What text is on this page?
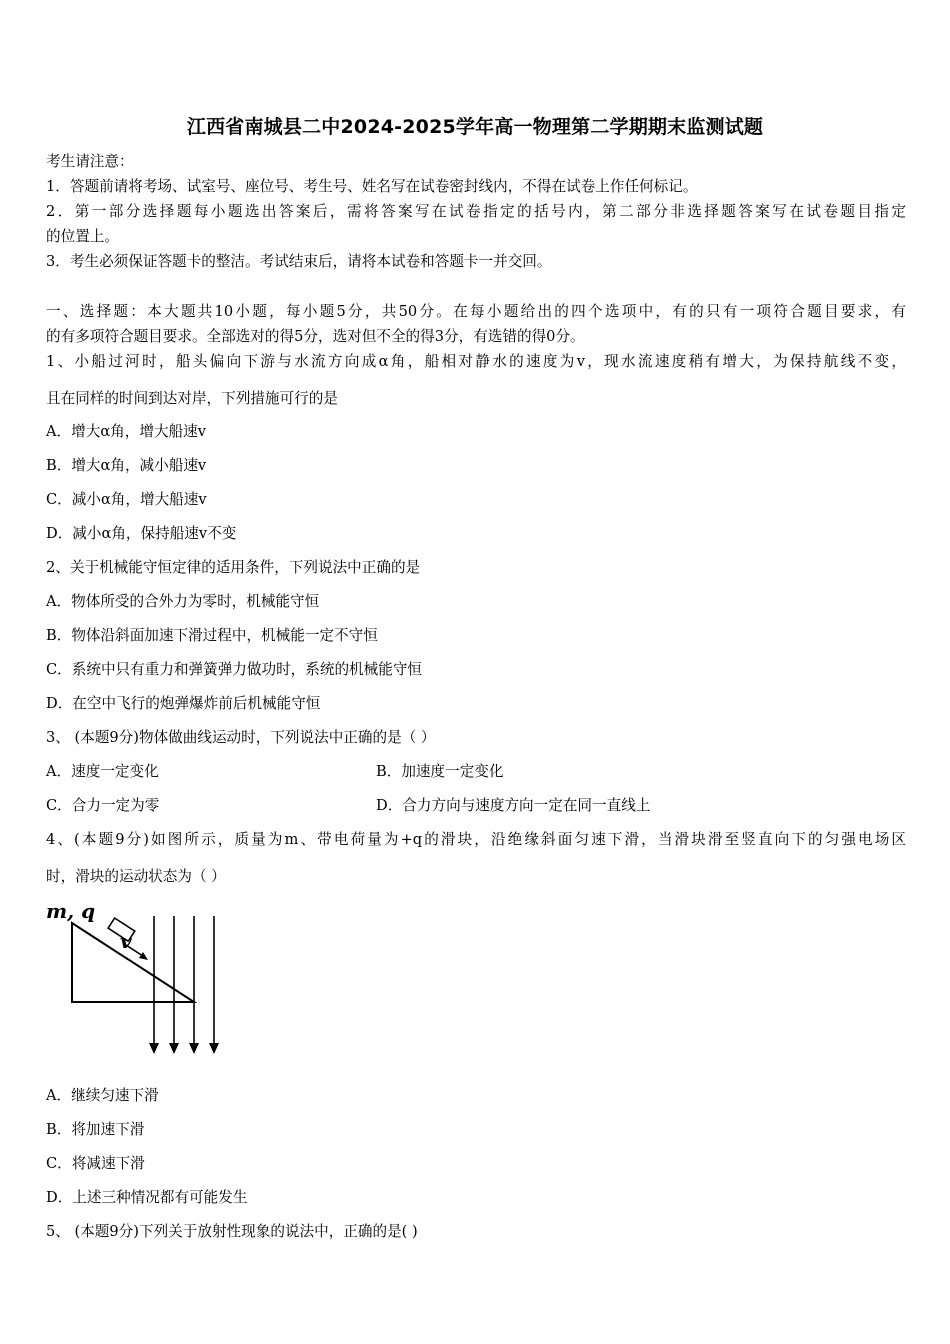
江西省南城县二中2024-2025学年高一物理第二学期期末监测试题
考生请注意：
1．答题前请将考场、试室号、座位号、考生号、姓名写在试卷密封线内，不得在试卷上作任何标记。
2．第一部分选择题每小题选出答案后，需将答案写在试卷指定的括号内，第二部分非选择题答案写在试卷题目指定
的位置上。
3．考生必须保证答题卡的整洁。考试结束后，请将本试卷和答题卡一并交回。
一、选择题：本大题共10小题，每小题5分，共50分。在每小题给出的四个选项中，有的只有一项符合题目要求，有
的有多项符合题目要求。全部选对的得5分，选对但不全的得3分，有选错的得0分。
1、小船过河时，船头偏向下游与水流方向成α角，船相对静水的速度为v，现水流速度稍有增大，为保持航线不变，
且在同样的时间到达对岸，下列措施可行的是
A．增大α角，增大船速v
B．增大α角，减小船速v
C．减小α角，增大船速v
D．减小α角，保持船速v不变
2、关于机械能守恒定律的适用条件，下列说法中正确的是
A．物体所受的合外力为零时，机械能守恒
B．物体沿斜面加速下滑过程中，机械能一定不守恒
C．系统中只有重力和弹簧弹力做功时，系统的机械能守恒
D．在空中飞行的炮弹爆炸前后机械能守恒
3、 (本题9分)物体做曲线运动时，下列说法中正确的是（ ）
A．速度一定变化	B．加速度一定变化
C．合力一定为零	D．合力方向与速度方向一定在同一直线上
4、(本题9分)如图所示，质量为m、带电荷量为+q的滑块，沿绝缘斜面匀速下滑，当滑块滑至竖直向下的匀强电场区
时，滑块的运动状态为（ ）
m, q
v
A．继续匀速下滑
B．将加速下滑
C．将减速下滑
D．上述三种情况都有可能发生
5、 (本题9分)下列关于放射性现象的说法中，正确的是( )
